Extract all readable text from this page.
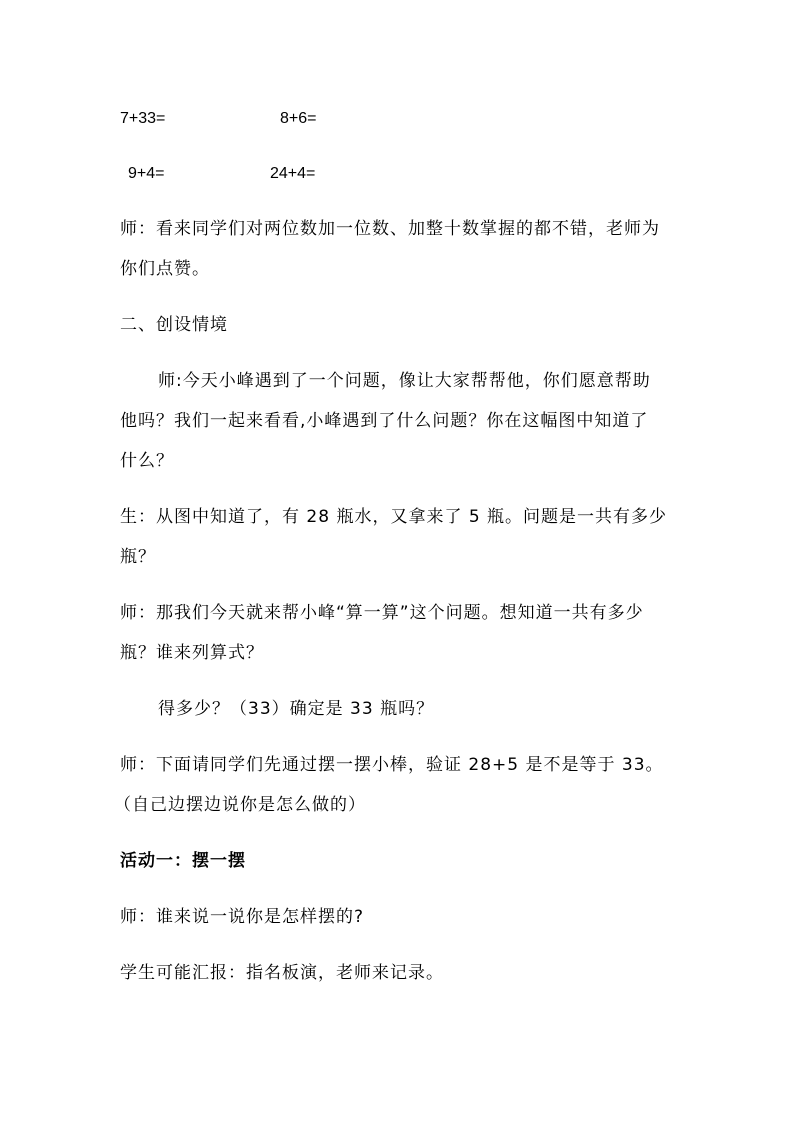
7+33=	8+6=
9+4=	24+4=
师：看来同学们对两位数加一位数、加整十数掌握的都不错，老师为
你们点赞。
二、创设情境
师:今天小峰遇到了一个问题，像让大家帮帮他，你们愿意帮助
他吗？我们一起来看看,小峰遇到了什么问题？你在这幅图中知道了
什么？
生：从图中知道了，有 28 瓶水，又拿来了 5 瓶。问题是一共有多少
瓶？
师：那我们今天就来帮小峰“算一算”这个问题。想知道一共有多少
瓶？谁来列算式？
得多少？（33）确定是 33 瓶吗？
师：下面请同学们先通过摆一摆小棒，验证 28+5 是不是等于 33。
（自己边摆边说你是怎么做的）
活动一：摆一摆
师：谁来说一说你是怎样摆的?
学生可能汇报：指名板演，老师来记录。
